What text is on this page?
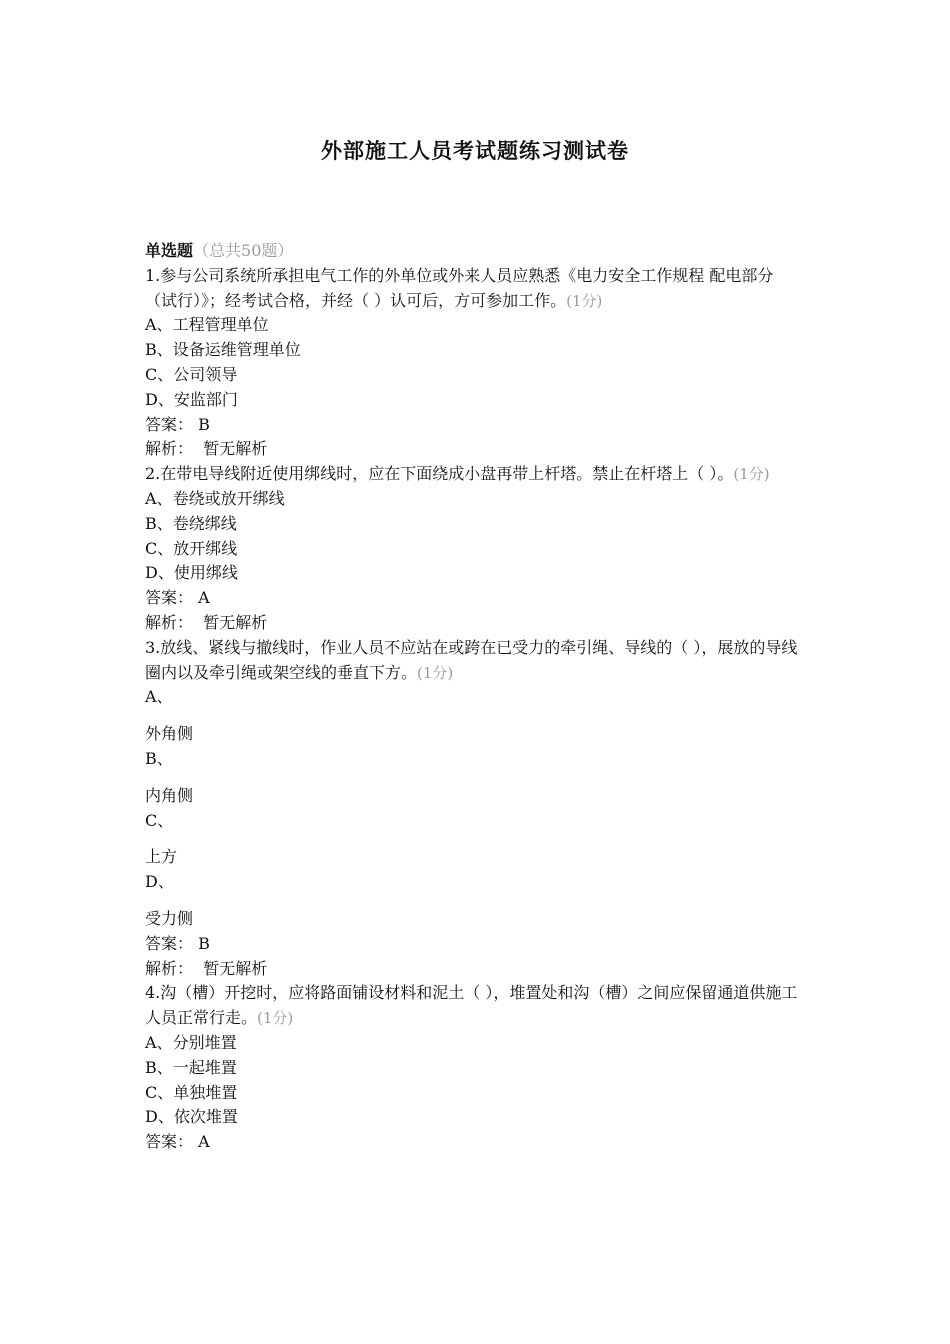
外部施工人员考试题练习测试卷

单选题（总共50题）

1.参与公司系统所承担电气工作的外单位或外来人员应熟悉《电力安全工作规程 配电部分（试行）》；经考试合格，并经（ ）认可后，方可参加工作。(1分)

A、工程管理单位

B、设备运维管理单位

C、公司领导

D、安监部门

答案： B

解析： 暂无解析

2.在带电导线附近使用绑线时，应在下面绕成小盘再带上杆塔。禁止在杆塔上（ ）。(1分)

A、卷绕或放开绑线

B、卷绕绑线

C、放开绑线

D、使用绑线

答案： A

解析： 暂无解析

3.放线、紧线与撤线时，作业人员不应站在或跨在已受力的牵引绳、导线的（ ），展放的导线圈内以及牵引绳或架空线的垂直下方。(1分)

A、

外角侧

B、

内角侧

C、

上方

D、

受力侧

答案： B

解析： 暂无解析

4.沟（槽）开挖时，应将路面铺设材料和泥土（ ），堆置处和沟（槽）之间应保留通道供施工人员正常行走。(1分)

A、分别堆置

B、一起堆置

C、单独堆置

D、依次堆置

答案： A
